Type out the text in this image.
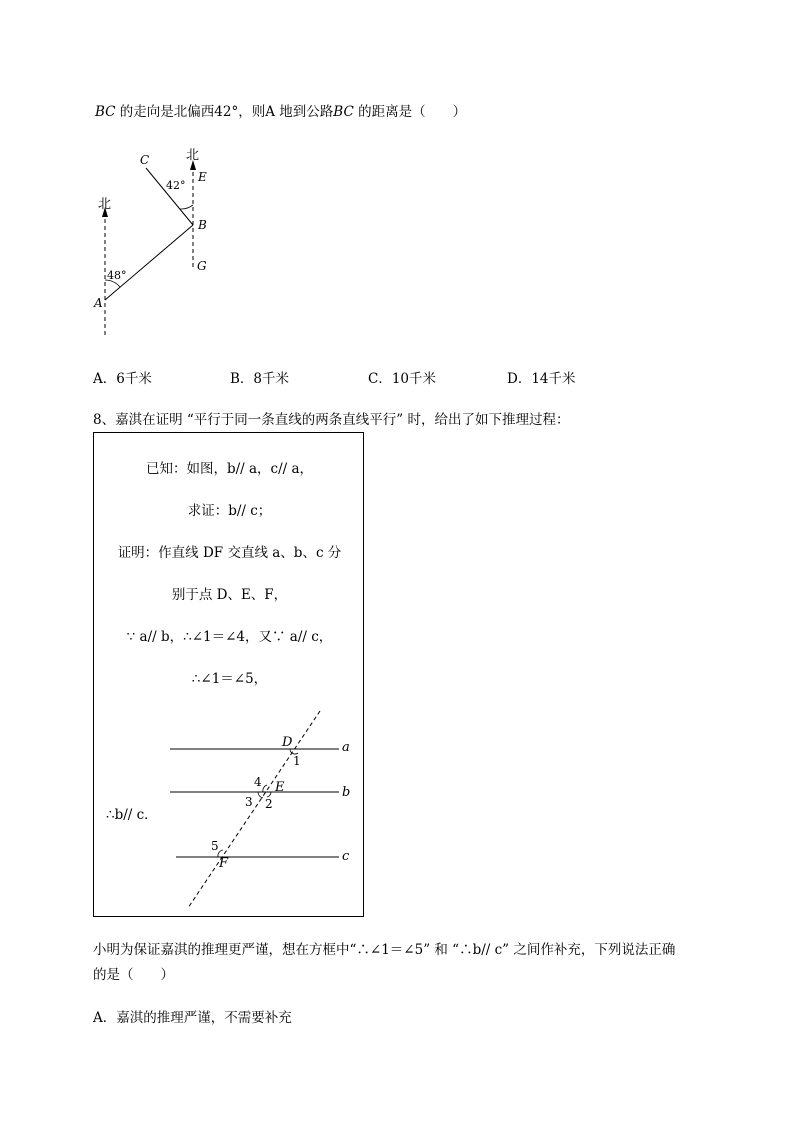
BC 的走向是北偏西42°，则A 地到公路BC 的距离是（　　）
北
北
C
E
B
G
A
42°
48°
A．6千米	B．8千米	C．10千米	D．14千米
8、嘉淇在证明 “平行于同一条直线的两条直线平行” 时，给出了如下推理过程：
已知：如图，b// a，c// a，
求证：b// c；
证明：作直线 DF 交直线 a、b、c 分
别于点 D、E、F，
∵ a// b，∴∠1＝∠4，又∵ a// c，
∴∠1＝∠5，
∴b// c．
D
E
F
a
b
c
1
4
3 2
5
小明为保证嘉淇的推理更严谨，想在方框中“∴∠1＝∠5” 和 “∴b// c” 之间作补充，下列说法正确
的是（　　）
A．嘉淇的推理严谨，不需要补充
